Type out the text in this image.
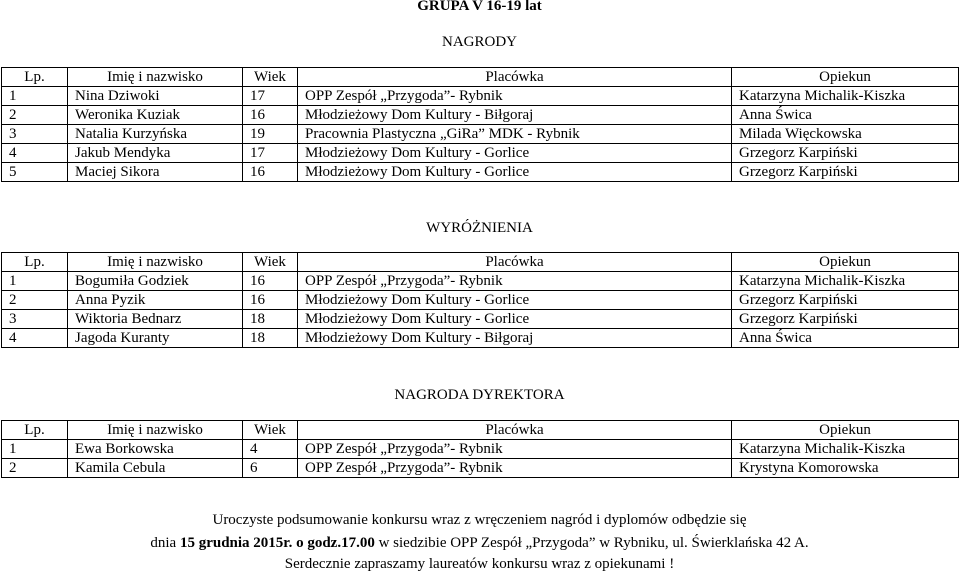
GRUPA V 16-19 lat
NAGRODY
Lp.	Imię i nazwisko	Wiek	Placówka	Opiekun
1	Nina Dziwoki	17	OPP Zespół „Przygoda”- Rybnik	Katarzyna Michalik-Kiszka
2	Weronika Kuziak	16	Młodzieżowy Dom Kultury - Biłgoraj	Anna Świca
3	Natalia Kurzyńska	19	Pracownia Plastyczna „GiRa” MDK - Rybnik	Milada Więckowska
4	Jakub Mendyka	17	Młodzieżowy Dom Kultury - Gorlice	Grzegorz Karpiński
5	Maciej Sikora	16	Młodzieżowy Dom Kultury - Gorlice	Grzegorz Karpiński
WYRÓŻNIENIA
Lp.	Imię i nazwisko	Wiek	Placówka	Opiekun
1	Bogumiła Godziek	16	OPP Zespół „Przygoda”- Rybnik	Katarzyna Michalik-Kiszka
2	Anna Pyzik	16	Młodzieżowy Dom Kultury - Gorlice	Grzegorz Karpiński
3	Wiktoria Bednarz	18	Młodzieżowy Dom Kultury - Gorlice	Grzegorz Karpiński
4	Jagoda Kuranty	18	Młodzieżowy Dom Kultury - Biłgoraj	Anna Świca
NAGRODA DYREKTORA
Lp.	Imię i nazwisko	Wiek	Placówka	Opiekun
1	Ewa Borkowska	4	OPP Zespół „Przygoda”- Rybnik	Katarzyna Michalik-Kiszka
2	Kamila Cebula	6	OPP Zespół „Przygoda”- Rybnik	Krystyna Komorowska
Uroczyste podsumowanie konkursu wraz z wręczeniem nagród i dyplomów odbędzie się
dnia 15 grudnia 2015r. o godz.17.00 w siedzibie OPP Zespół „Przygoda” w Rybniku, ul. Świerklańska 42 A.
Serdecznie zapraszamy laureatów konkursu wraz z opiekunami !
